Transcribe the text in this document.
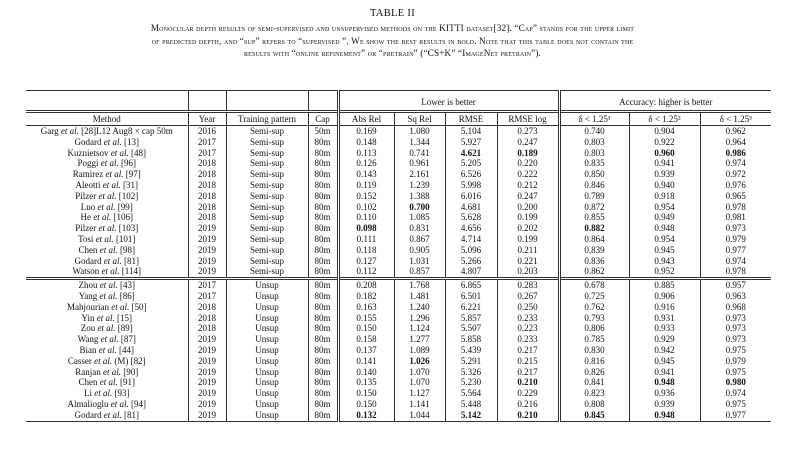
TABLE II
Monocular depth results of semi-supervised and unsupervised methods on the KITTI dataset[32]. “Cap” stands for the upper limit
of predicted depth, and “sup” refers to “supervised ”. We show the best results in bold. Note that this table does not contain the
results with “online refinement” or “pretrain” (“CS+K” “ImageNet pretrain”).

				Lower is better				Accuracy: higher is better		
Method	Year	Training pattern	Cap	Abs Rel	Sq Rel	RMSE	RMSE log	δ < 1.25¹	δ < 1.25²	δ < 1.25³
Garg et al. [28]L12 Aug8 × cap 50m	2016	Semi-sup	50m	0.169	1.080	5.104	0.273	0.740	0.904	0.962
Godard et al. [13]	2017	Semi-sup	80m	0.148	1.344	5.927	0.247	0.803	0.922	0.964
Kuznietsov et al. [48]	2017	Semi-sup	80m	0.113	0.741	4.621	0.189	0.803	0.960	0.986
Poggi et al. [96]	2018	Semi-sup	80m	0.126	0.961	5.205	0.220	0.835	0.941	0.974
Ramirez et al. [97]	2018	Semi-sup	80m	0.143	2.161	6.526	0.222	0.850	0.939	0.972
Aleotti et al. [31]	2018	Semi-sup	80m	0.119	1.239	5.998	0.212	0.846	0.940	0.976
Pilzer et al. [102]	2018	Semi-sup	80m	0.152	1.388	6.016	0.247	0.789	0.918	0.965
Luo et al. [99]	2018	Semi-sup	80m	0.102	0.700	4.681	0.200	0.872	0.954	0.978
He et al. [106]	2018	Semi-sup	80m	0.110	1.085	5.628	0.199	0.855	0.949	0.981
Pilzer et al. [103]	2019	Semi-sup	80m	0.098	0.831	4.656	0.202	0.882	0.948	0.973
Tosi et al. [101]	2019	Semi-sup	80m	0.111	0.867	4.714	0.199	0.864	0.954	0.979
Chen et al. [98]	2019	Semi-sup	80m	0.118	0.905	5.096	0.211	0.839	0.945	0.977
Godard et al. [81]	2019	Semi-sup	80m	0.127	1.031	5.266	0.221	0.836	0.943	0.974
Watson et al. [114]	2019	Semi-sup	80m	0.112	0.857	4.807	0.203	0.862	0.952	0.978
Zhou et al. [43]	2017	Unsup	80m	0.208	1.768	6.865	0.283	0.678	0.885	0.957
Yang et al. [86]	2017	Unsup	80m	0.182	1.481	6.501	0.267	0.725	0.906	0.963
Mahjourian et al. [50]	2018	Unsup	80m	0.163	1.240	6.221	0.250	0.762	0.916	0.968
Yin et al. [15]	2018	Unsup	80m	0.155	1.296	5.857	0.233	0.793	0.931	0.973
Zou et al. [89]	2018	Unsup	80m	0.150	1.124	5.507	0.223	0.806	0.933	0.973
Wang et al. [87]	2019	Unsup	80m	0.158	1.277	5.858	0.233	0.785	0.929	0.973
Bian et al. [44]	2019	Unsup	80m	0.137	1.089	5.439	0.217	0.830	0.942	0.975
Casser et al. (M) [82]	2019	Unsup	80m	0.141	1.026	5.291	0.215	0.816	0.945	0.979
Ranjan et al. [90]	2019	Unsup	80m	0.140	1.070	5.326	0.217	0.826	0.941	0.975
Chen et al. [91]	2019	Unsup	80m	0.135	1.070	5.230	0.210	0.841	0.948	0.980
Li et al. [93]	2019	Unsup	80m	0.150	1.127	5.564	0.229	0.823	0.936	0.974
Almalioglu et al. [94]	2019	Unsup	80m	0.150	1.141	5.448	0.216	0.808	0.939	0.975
Godard et al. [81]	2019	Unsup	80m	0.132	1.044	5.142	0.210	0.845	0.948	0.977
